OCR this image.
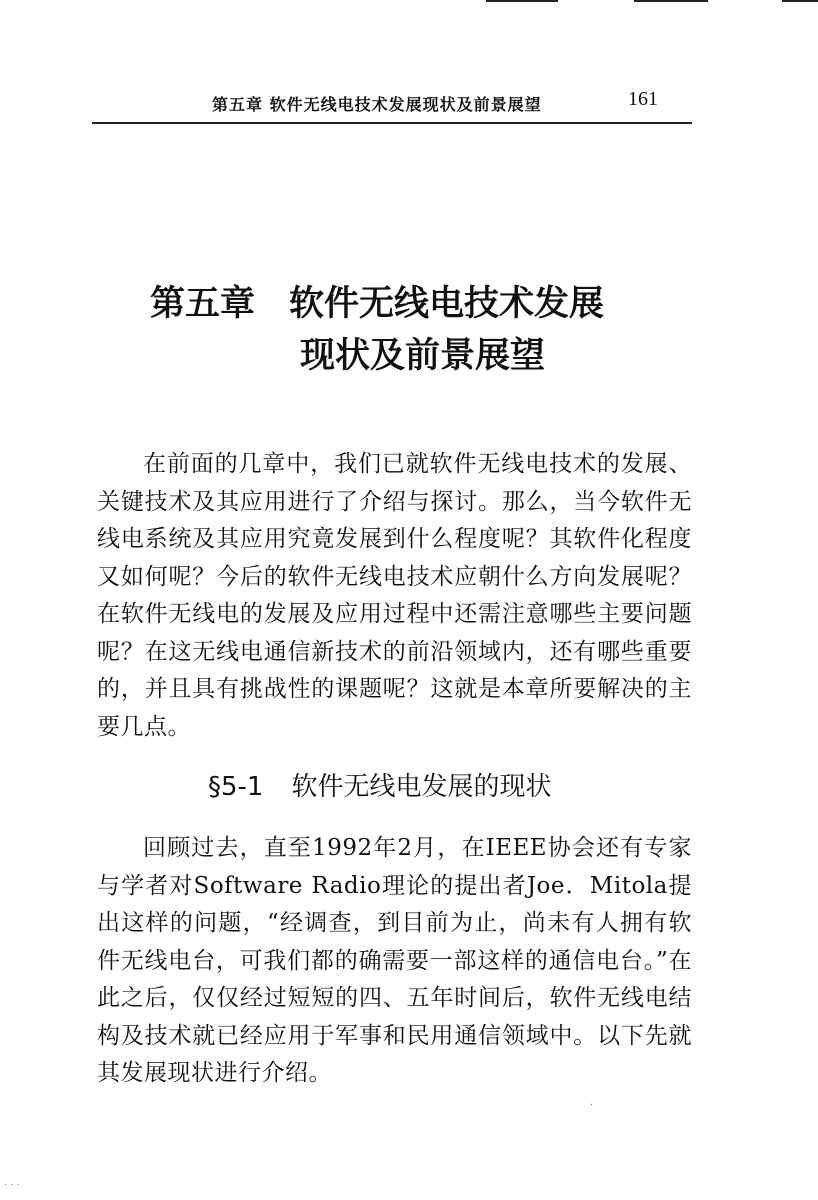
第五章 软件无线电技术发展现状及前景展望	161
第五章 软件无线电技术发展
现状及前景展望

在前面的几章中，我们已就软件无线电技术的发展、关键技术及其应用进行了介绍与探讨。那么，当今软件无线电系统及其应用究竟发展到什么程度呢？其软件化程度又如何呢？今后的软件无线电技术应朝什么方向发展呢？在软件无线电的发展及应用过程中还需注意哪些主要问题呢？在这无线电通信新技术的前沿领域内，还有哪些重要的，并且具有挑战性的课题呢？这就是本章所要解决的主要几点。

§5-1 软件无线电发展的现状

回顾过去，直至1992年2月，在IEEE协会还有专家与学者对Software Radio理论的提出者Joe．Mitola提出这样的问题，“经调查，到目前为止，尚未有人拥有软件无线电台，可我们都的确需要一部这样的通信电台。”在此之后，仅仅经过短短的四、五年时间后，软件无线电结构及技术就已经应用于军事和民用通信领域中。以下先就其发展现状进行介绍。

·
· · ·
